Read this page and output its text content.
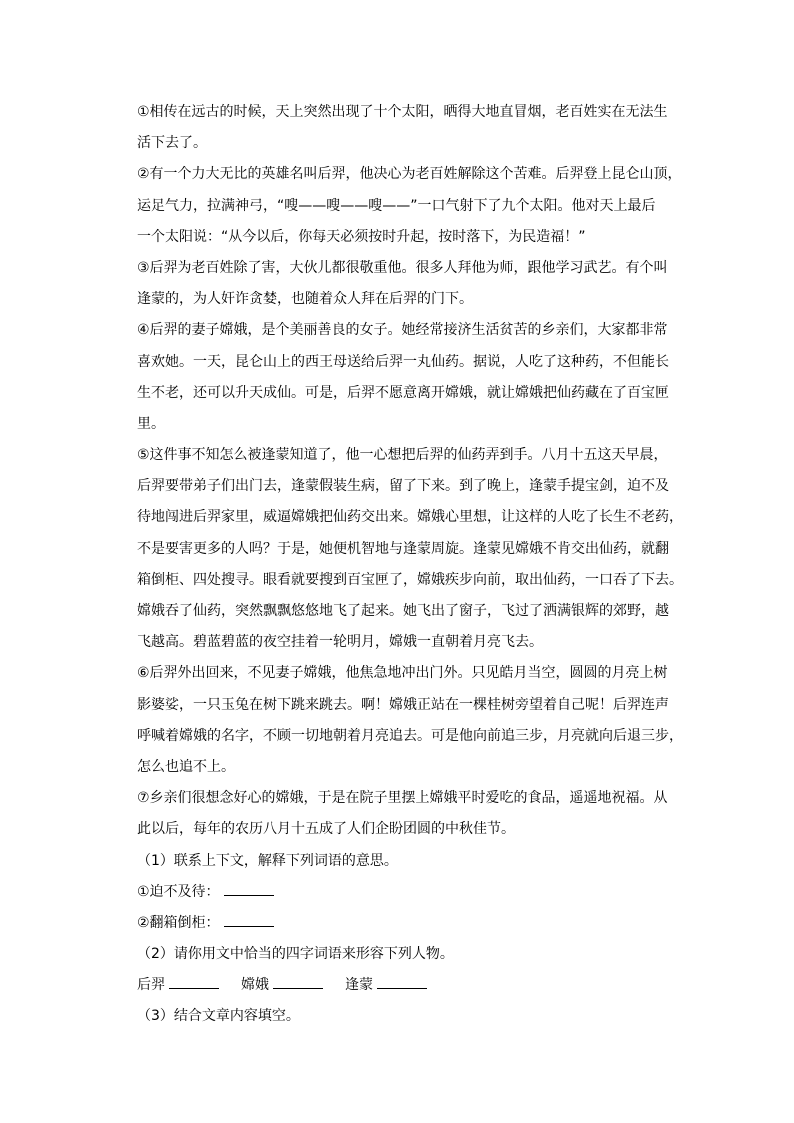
①相传在远古的时候，天上突然出现了十个太阳，晒得大地直冒烟，老百姓实在无法生
活下去了。
②有一个力大无比的英雄名叫后羿，他决心为老百姓解除这个苦难。后羿登上昆仑山顶，
运足气力，拉满神弓，“嗖——嗖——嗖——”一口气射下了九个太阳。他对天上最后
一个太阳说：“从今以后，你每天必须按时升起，按时落下，为民造福！”
③后羿为老百姓除了害，大伙儿都很敬重他。很多人拜他为师，跟他学习武艺。有个叫
逢蒙的，为人奸诈贪婪，也随着众人拜在后羿的门下。
④后羿的妻子嫦娥，是个美丽善良的女子。她经常接济生活贫苦的乡亲们，大家都非常
喜欢她。一天，昆仑山上的西王母送给后羿一丸仙药。据说，人吃了这种药，不但能长
生不老，还可以升天成仙。可是，后羿不愿意离开嫦娥，就让嫦娥把仙药藏在了百宝匣
里。
⑤这件事不知怎么被逢蒙知道了，他一心想把后羿的仙药弄到手。八月十五这天早晨，
后羿要带弟子们出门去，逢蒙假装生病，留了下来。到了晚上，逢蒙手提宝剑，迫不及
待地闯进后羿家里，威逼嫦娥把仙药交出来。嫦娥心里想，让这样的人吃了长生不老药，
不是要害更多的人吗？于是，她便机智地与逢蒙周旋。逢蒙见嫦娥不肯交出仙药，就翻
箱倒柜、四处搜寻。眼看就要搜到百宝匣了，嫦娥疾步向前，取出仙药，一口吞了下去。
嫦娥吞了仙药，突然飘飘悠悠地飞了起来。她飞出了窗子，飞过了洒满银辉的郊野，越
飞越高。碧蓝碧蓝的夜空挂着一轮明月，嫦娥一直朝着月亮飞去。
⑥后羿外出回来，不见妻子嫦娥，他焦急地冲出门外。只见皓月当空，圆圆的月亮上树
影婆娑，一只玉兔在树下跳来跳去。啊！嫦娥正站在一棵桂树旁望着自己呢！后羿连声
呼喊着嫦娥的名字，不顾一切地朝着月亮追去。可是他向前追三步，月亮就向后退三步，
怎么也追不上。
⑦乡亲们很想念好心的嫦娥，于是在院子里摆上嫦娥平时爱吃的食品，遥遥地祝福。从
此以后，每年的农历八月十五成了人们企盼团圆的中秋佳节。
（1）联系上下文，解释下列词语的意思。
①迫不及待：
②翻箱倒柜：
（2）请你用文中恰当的四字词语来形容下列人物。
后羿	嫦娥	逢蒙
（3）结合文章内容填空。
